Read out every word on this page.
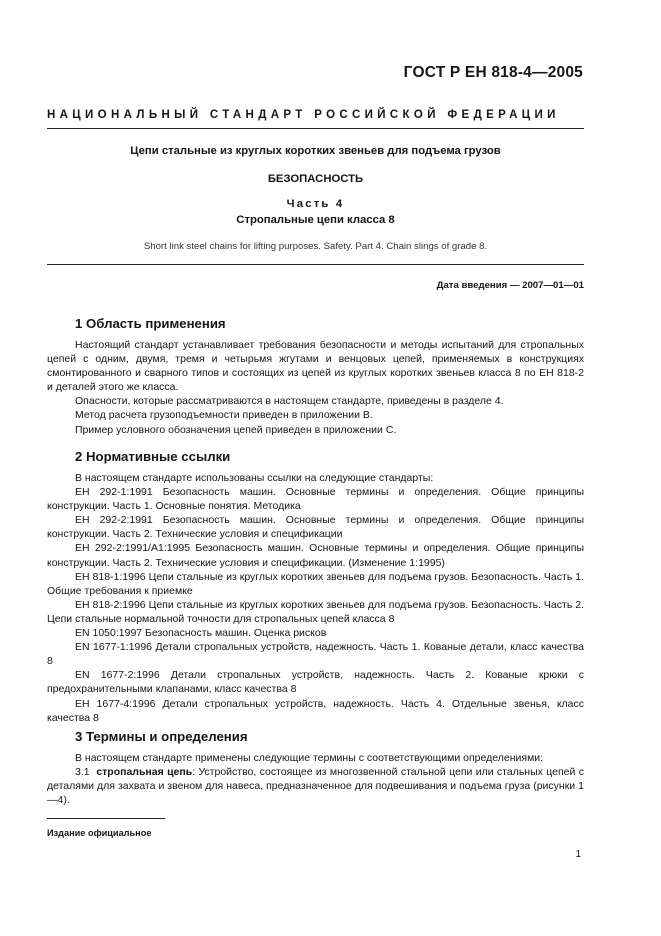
ГОСТ Р ЕН 818-4—2005
НАЦИОНАЛЬНЫЙ СТАНДАРТ РОССИЙСКОЙ ФЕДЕРАЦИИ
Цепи стальные из круглых коротких звеньев для подъема грузов
БЕЗОПАСНОСТЬ
Часть 4
Стропальные цепи класса 8
Short link steel chains for lifting purposes. Safety. Part 4. Chain slings of grade 8.
Дата введения — 2007—01—01
1 Область применения

Настоящий стандарт устанавливает требования безопасности и методы испытаний для стропальных цепей с одним, двумя, тремя и четырьмя жгутами и венцовых цепей, применяемых в конструкциях смонтированного и сварного типов и состоящих из цепей из круглых коротких звеньев класса 8 по ЕН 818-2 и деталей этого же класса.

Опасности, которые рассматриваются в настоящем стандарте, приведены в разделе 4.

Метод расчета грузоподъемности приведен в приложении В.

Пример условного обозначения цепей приведен в приложении С.

2 Нормативные ссылки

В настоящем стандарте использованы ссылки на следующие стандарты:

ЕН 292-1:1991 Безопасность машин. Основные термины и определения. Общие принципы конструкции. Часть 1. Основные понятия. Методика

ЕН 292-2:1991 Безопасность машин. Основные термины и определения. Общие принципы конструкции. Часть 2. Технические условия и спецификации

ЕН 292-2:1991/A1:1995 Безопасность машин. Основные термины и определения. Общие принципы конструкции. Часть 2. Технические условия и спецификации. (Изменение 1:1995)

ЕН 818-1:1996 Цепи стальные из круглых коротких звеньев для подъема грузов. Безопасность. Часть 1. Общие требования к приемке

ЕН 818-2:1996 Цепи стальные из круглых коротких звеньев для подъема грузов. Безопасность. Часть 2. Цепи стальные нормальной точности для стропальных цепей класса 8

EN 1050:1997 Безопасность машин. Оценка рисков

EN 1677-1:1996 Детали стропальных устройств, надежность. Часть 1. Кованые детали, класс качества 8

EN 1677-2:1996 Детали стропальных устройств, надежность. Часть 2. Кованые крюки с предохранительными клапанами, класс качества 8

EH 1677-4:1996 Детали стропальных устройств, надежность. Часть 4. Отдельные звенья, класс качества 8

3 Термины и определения

В настоящем стандарте применены следующие термины с соответствующими определениями:

3.1 стропальная цепь: Устройство, состоящее из многозвенной стальной цепи или стальных цепей с деталями для захвата и звеном для навеса, предназначенное для подвешивания и подъема груза (рисунки 1—4).

Издание официальное
1
